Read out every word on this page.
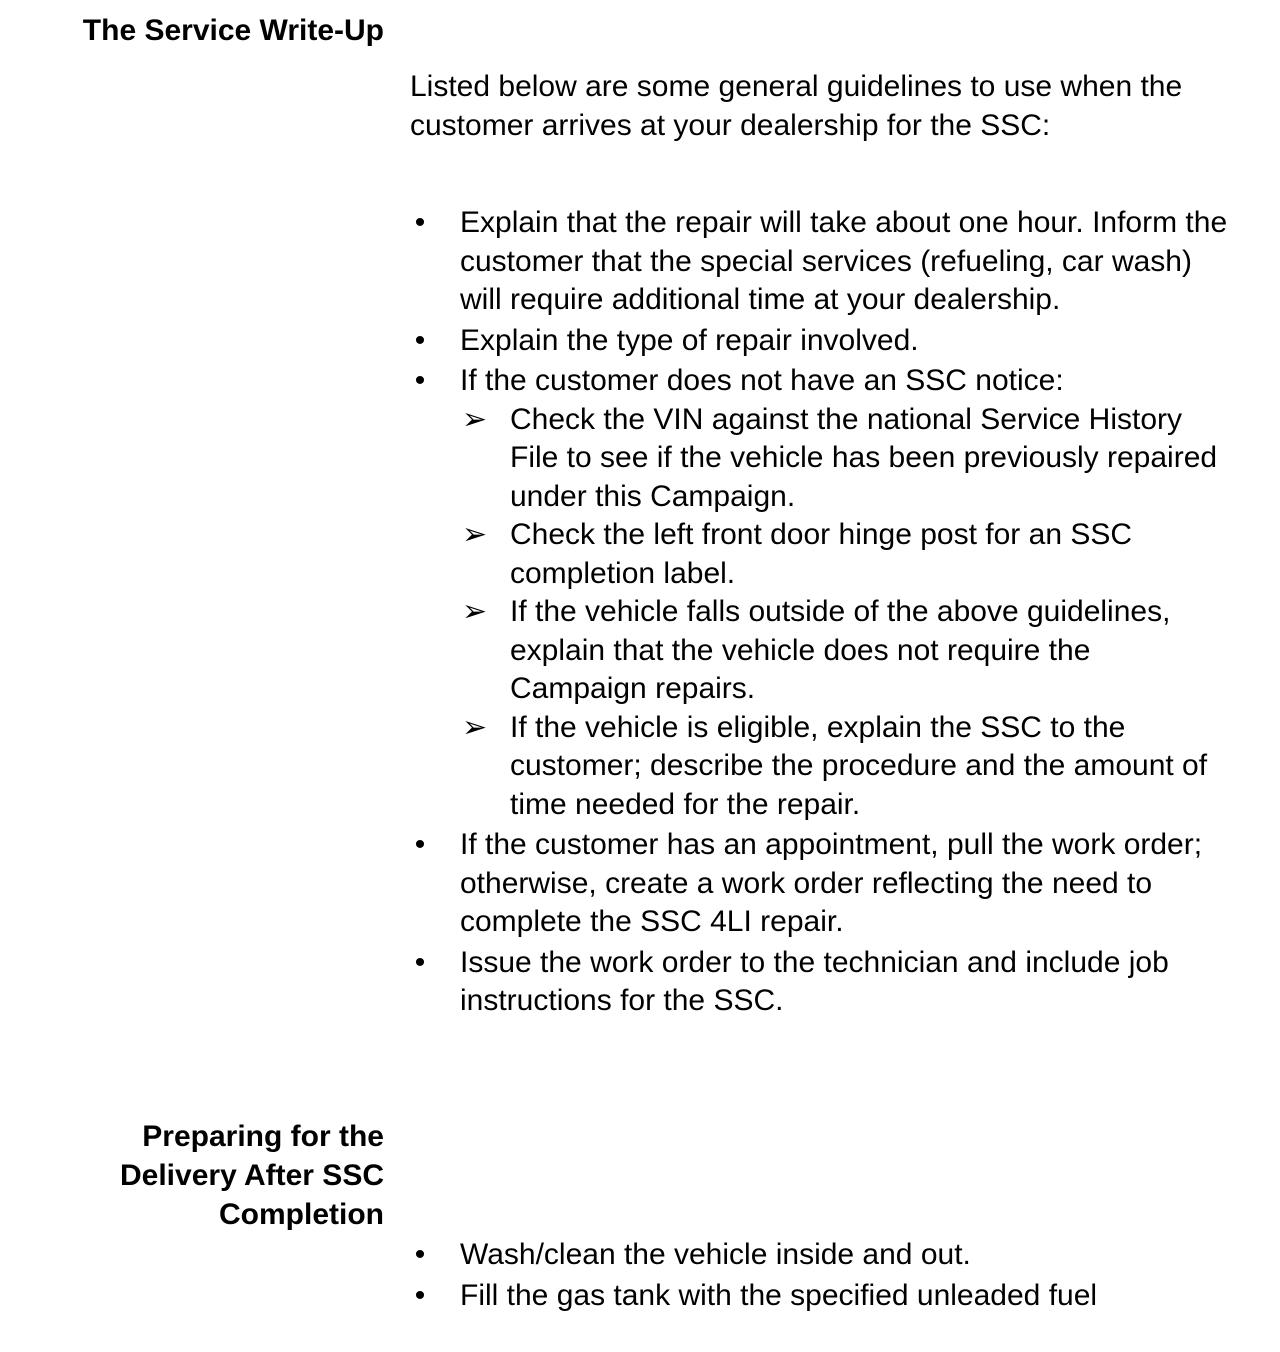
The Service Write-Up

Listed below are some general guidelines to use when the customer arrives at your dealership for the SSC:

• Explain that the repair will take about one hour. Inform the customer that the special services (refueling, car wash) will require additional time at your dealership.
• Explain the type of repair involved.
• If the customer does not have an SSC notice:
➢ Check the VIN against the national Service History File to see if the vehicle has been previously repaired under this Campaign.
➢ Check the left front door hinge post for an SSC completion label.
➢ If the vehicle falls outside of the above guidelines, explain that the vehicle does not require the Campaign repairs.
➢ If the vehicle is eligible, explain the SSC to the customer; describe the procedure and the amount of time needed for the repair.
• If the customer has an appointment, pull the work order; otherwise, create a work order reflecting the need to complete the SSC 4LI repair.
• Issue the work order to the technician and include job instructions for the SSC.
Preparing for the Delivery After SSC Completion
• Wash/clean the vehicle inside and out.
• Fill the gas tank with the specified unleaded fuel
